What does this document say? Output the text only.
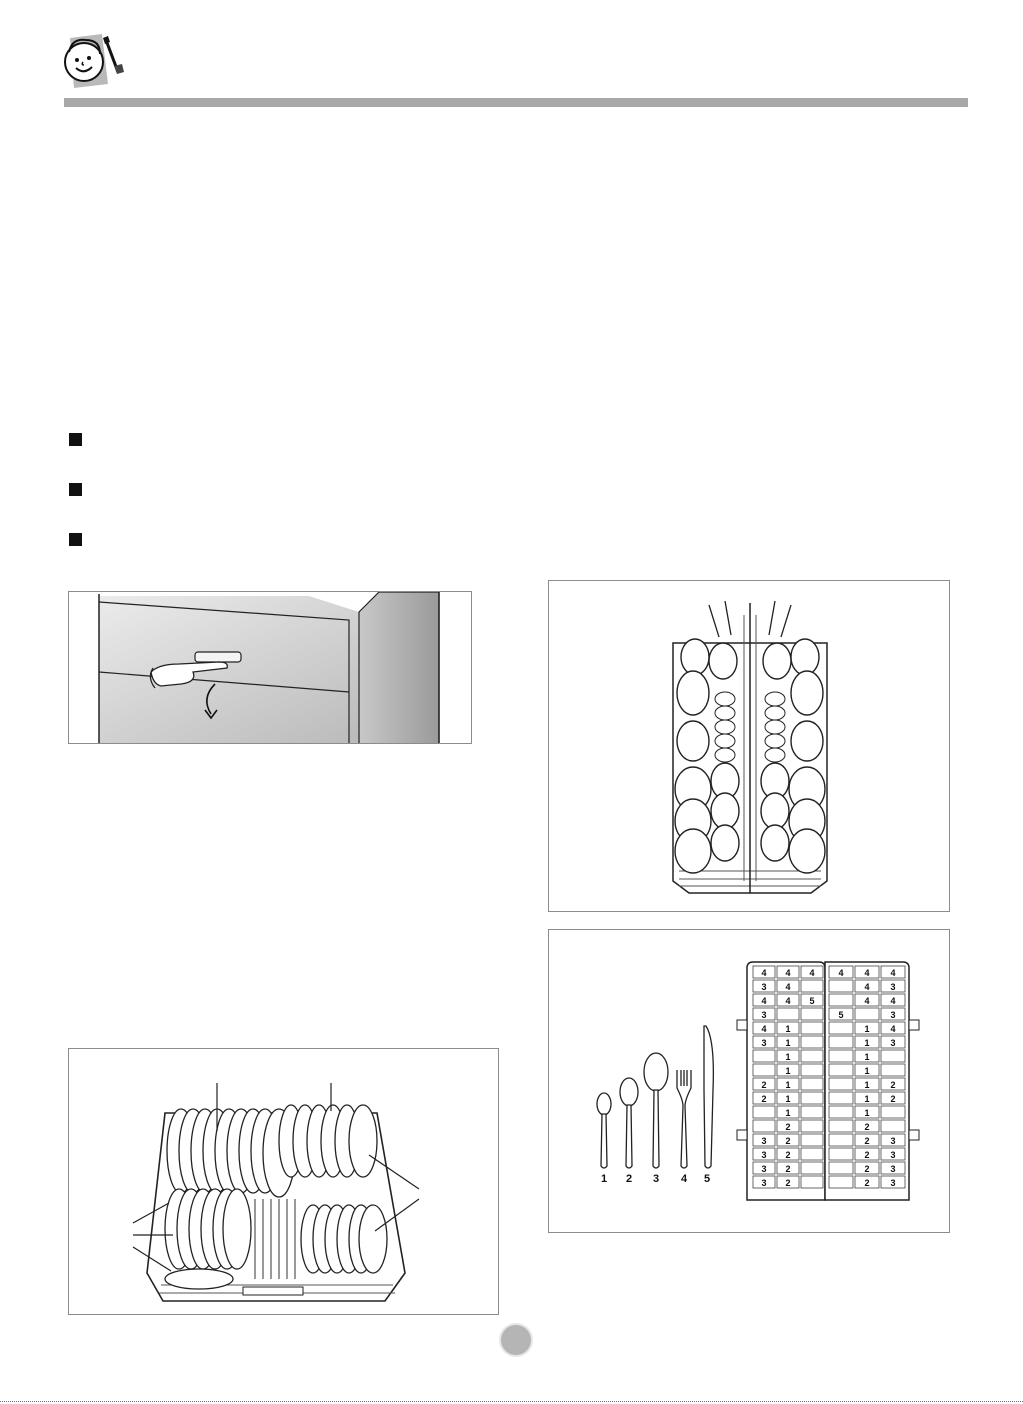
4 4 4
3 4
4 4 5
3
4 1
3 1
1
1
2 1
2 1
1
2
3 2
3 2
3 2
3 2
4 4 4
4 3
4 4
5	3
1 4
1 3
1
1
1 2
1 2
1
2
2 3
2 3
2 3
2 3
1 2 3 4 5
